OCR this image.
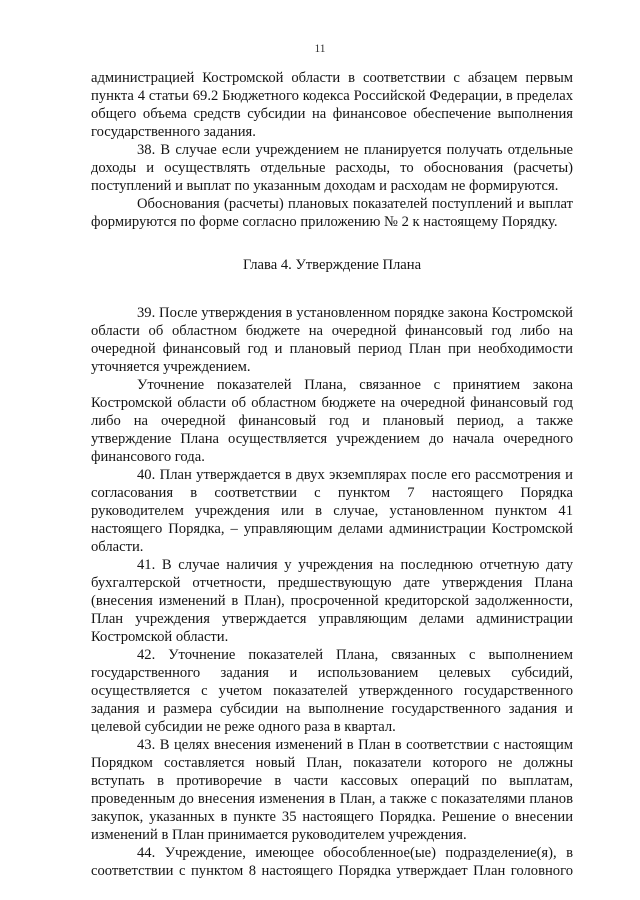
11

администрацией Костромской области в соответствии с абзацем первым пункта 4 статьи 69.2 Бюджетного кодекса Российской Федерации, в пределах общего объема средств субсидии на финансовое обеспечение выполнения государственного задания.

38. В случае если учреждением не планируется получать отдельные доходы и осуществлять отдельные расходы, то обоснования (расчеты) поступлений и выплат по указанным доходам и расходам не формируются.

Обоснования (расчеты) плановых показателей поступлений и выплат формируются по форме согласно приложению № 2 к настоящему Порядку.

Глава 4. Утверждение Плана

39. После утверждения в установленном порядке закона Костромской области об областном бюджете на очередной финансовый год либо на очередной финансовый год и плановый период План при необходимости уточняется учреждением.

Уточнение показателей Плана, связанное с принятием закона Костромской области об областном бюджете на очередной финансовый год либо на очередной финансовый год и плановый период, а также утверждение Плана осуществляется учреждением до начала очередного финансового года.

40. План утверждается в двух экземплярах после его рассмотрения и согласования в соответствии с пунктом 7 настоящего Порядка руководителем учреждения или в случае, установленном пунктом 41 настоящего Порядка, – управляющим делами администрации Костромской области.

41. В случае наличия у учреждения на последнюю отчетную дату бухгалтерской отчетности, предшествующую дате утверждения Плана (внесения изменений в План), просроченной кредиторской задолженности, План учреждения утверждается управляющим делами администрации Костромской области.

42. Уточнение показателей Плана, связанных с выполнением государственного задания и использованием целевых субсидий, осуществляется с учетом показателей утвержденного государственного задания и размера субсидии на выполнение государственного задания и целевой субсидии не реже одного раза в квартал.

43. В целях внесения изменений в План в соответствии с настоящим Порядком составляется новый План, показатели которого не должны вступать в противоречие в части кассовых операций по выплатам, проведенным до внесения изменения в План, а также с показателями планов закупок, указанных в пункте 35 настоящего Порядка. Решение о внесении изменений в План принимается руководителем учреждения.

44. Учреждение, имеющее обособленное(ые) подразделение(я), в соответствии с пунктом 8 настоящего Порядка утверждает План головного
